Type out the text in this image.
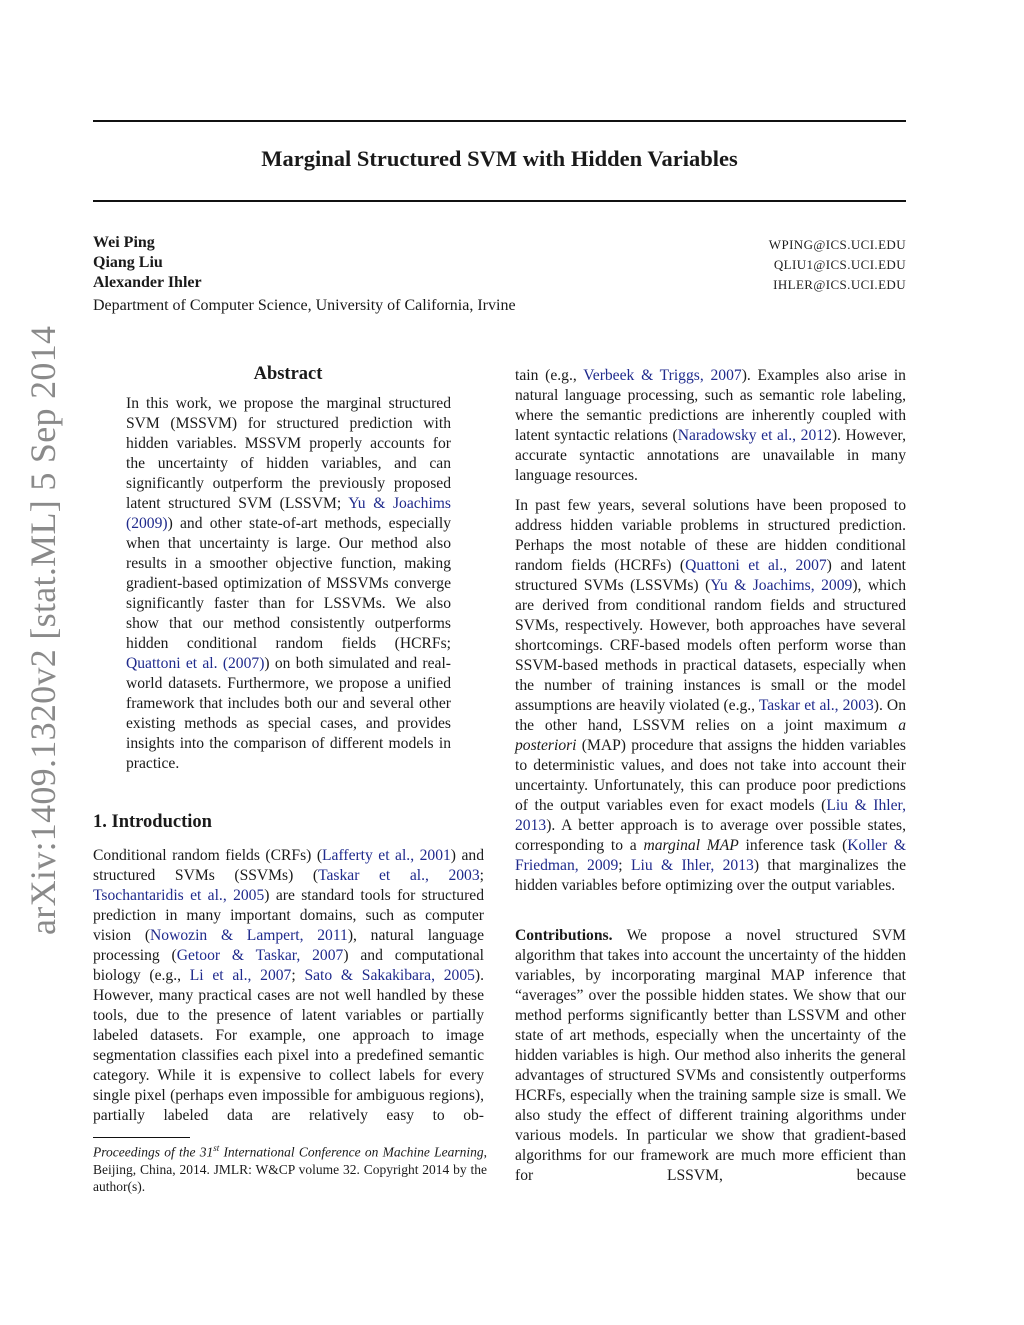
arXiv:1409.1320v2 [stat.ML] 5 Sep 2014
Marginal Structured SVM with Hidden Variables
Wei Ping	WPING@ICS.UCI.EDU
Qiang Liu	QLIU1@ICS.UCI.EDU
Alexander Ihler	IHLER@ICS.UCI.EDU
Department of Computer Science, University of California, Irvine
Abstract
In this work, we propose the marginal structured SVM (MSSVM) for structured prediction with hidden variables. MSSVM properly accounts for the uncertainty of hidden variables, and can significantly outperform the previously proposed latent structured SVM (LSSVM; Yu & Joachims (2009)) and other state-of-art methods, especially when that uncertainty is large. Our method also results in a smoother objective function, making gradient-based optimization of MSSVMs converge significantly faster than for LSSVMs. We also show that our method consistently outperforms hidden conditional random fields (HCRFs; Quattoni et al. (2007)) on both simulated and real-world datasets. Furthermore, we propose a unified framework that includes both our and several other existing methods as special cases, and provides insights into the comparison of different models in practice.
1. Introduction
Conditional random fields (CRFs) (Lafferty et al., 2001) and structured SVMs (SSVMs) (Taskar et al., 2003; Tsochantaridis et al., 2005) are standard tools for structured prediction in many important domains, such as computer vision (Nowozin & Lampert, 2011), natural language processing (Getoor & Taskar, 2007) and computational biology (e.g., Li et al., 2007; Sato & Sakakibara, 2005). However, many practical cases are not well handled by these tools, due to the presence of latent variables or partially labeled datasets. For example, one approach to image segmentation classifies each pixel into a predefined semantic category. While it is expensive to collect labels for every single pixel (perhaps even impossible for ambiguous regions), partially labeled data are relatively easy to ob-
tain (e.g., Verbeek & Triggs, 2007). Examples also arise in natural language processing, such as semantic role labeling, where the semantic predictions are inherently coupled with latent syntactic relations (Naradowsky et al., 2012). However, accurate syntactic annotations are unavailable in many language resources.
In past few years, several solutions have been proposed to address hidden variable problems in structured prediction. Perhaps the most notable of these are hidden conditional random fields (HCRFs) (Quattoni et al., 2007) and latent structured SVMs (LSSVMs) (Yu & Joachims, 2009), which are derived from conditional random fields and structured SVMs, respectively. However, both approaches have several shortcomings. CRF-based models often perform worse than SSVM-based methods in practical datasets, especially when the number of training instances is small or the model assumptions are heavily violated (e.g., Taskar et al., 2003). On the other hand, LSSVM relies on a joint maximum a posteriori (MAP) procedure that assigns the hidden variables to deterministic values, and does not take into account their uncertainty. Unfortunately, this can produce poor predictions of the output variables even for exact models (Liu & Ihler, 2013). A better approach is to average over possible states, corresponding to a marginal MAP inference task (Koller & Friedman, 2009; Liu & Ihler, 2013) that marginalizes the hidden variables before optimizing over the output variables.
Contributions. We propose a novel structured SVM algorithm that takes into account the uncertainty of the hidden variables, by incorporating marginal MAP inference that “averages” over the possible hidden states. We show that our method performs significantly better than LSSVM and other state of art methods, especially when the uncertainty of the hidden variables is high. Our method also inherits the general advantages of structured SVMs and consistently outperforms HCRFs, especially when the training sample size is small. We also study the effect of different training algorithms under various models. In particular we show that gradient-based algorithms for our framework are much more efficient than for LSSVM, because
Proceedings of the 31st International Conference on Machine Learning, Beijing, China, 2014. JMLR: W&CP volume 32. Copyright 2014 by the author(s).
